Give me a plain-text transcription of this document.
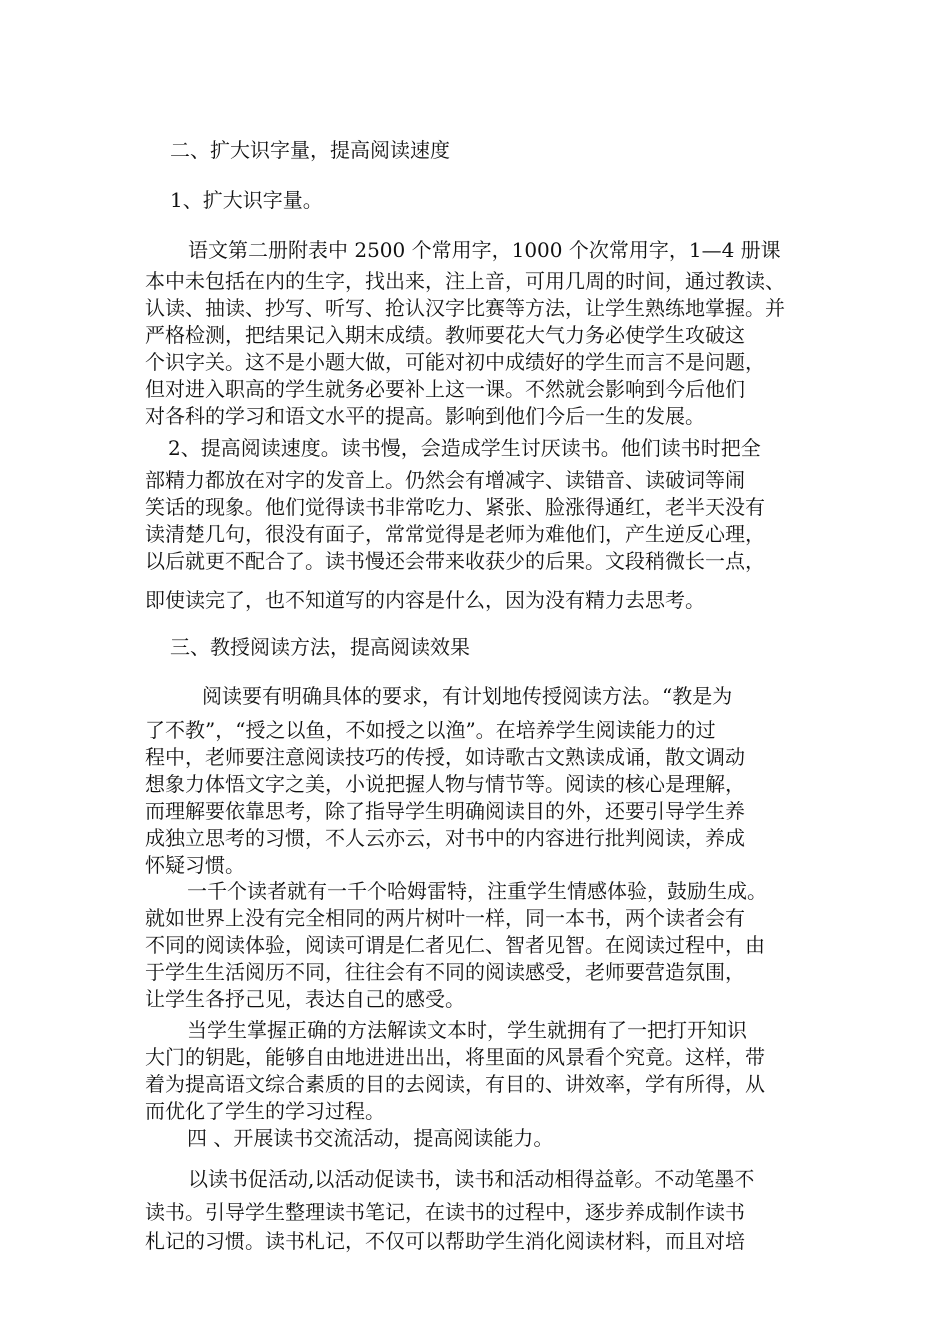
二、扩大识字量，提高阅读速度
1、扩大识字量。
语文第二册附表中 2500 个常用字，1000 个次常用字，1—4 册课
本中未包括在内的生字，找出来，注上音，可用几周的时间，通过教读、
认读、抽读、抄写、听写、抢认汉字比赛等方法，让学生熟练地掌握。并
严格检测，把结果记入期末成绩。教师要花大气力务必使学生攻破这
个识字关。这不是小题大做，可能对初中成绩好的学生而言不是问题，
但对进入职高的学生就务必要补上这一课。不然就会影响到今后他们
对各科的学习和语文水平的提高。影响到他们今后一生的发展。
2、提高阅读速度。读书慢，会造成学生讨厌读书。他们读书时把全
部精力都放在对字的发音上。仍然会有增减字、读错音、读破词等闹
笑话的现象。他们觉得读书非常吃力、紧张、脸涨得通红，老半天没有
读清楚几句，很没有面子，常常觉得是老师为难他们，产生逆反心理，
以后就更不配合了。读书慢还会带来收获少的后果。文段稍微长一点，
即使读完了，也不知道写的内容是什么，因为没有精力去思考。
三、教授阅读方法，提高阅读效果
阅读要有明确具体的要求，有计划地传授阅读方法。“教是为
了不教”，“授之以鱼，不如授之以渔”。在培养学生阅读能力的过
程中，老师要注意阅读技巧的传授，如诗歌古文熟读成诵，散文调动
想象力体悟文字之美，小说把握人物与情节等。阅读的核心是理解，
而理解要依靠思考，除了指导学生明确阅读目的外，还要引导学生养
成独立思考的习惯，不人云亦云，对书中的内容进行批判阅读，养成
怀疑习惯。
一千个读者就有一千个哈姆雷特，注重学生情感体验，鼓励生成。
就如世界上没有完全相同的两片树叶一样，同一本书，两个读者会有
不同的阅读体验，阅读可谓是仁者见仁、智者见智。在阅读过程中，由
于学生生活阅历不同，往往会有不同的阅读感受，老师要营造氛围，
让学生各抒己见，表达自己的感受。
当学生掌握正确的方法解读文本时，学生就拥有了一把打开知识
大门的钥匙，能够自由地进进出出，将里面的风景看个究竟。这样，带
着为提高语文综合素质的目的去阅读，有目的、讲效率，学有所得，从
而优化了学生的学习过程。
四 、开展读书交流活动，提高阅读能力。
以读书促活动,以活动促读书，读书和活动相得益彰。不动笔墨不
读书。引导学生整理读书笔记，在读书的过程中，逐步养成制作读书
札记的习惯。读书札记，不仅可以帮助学生消化阅读材料，而且对培
